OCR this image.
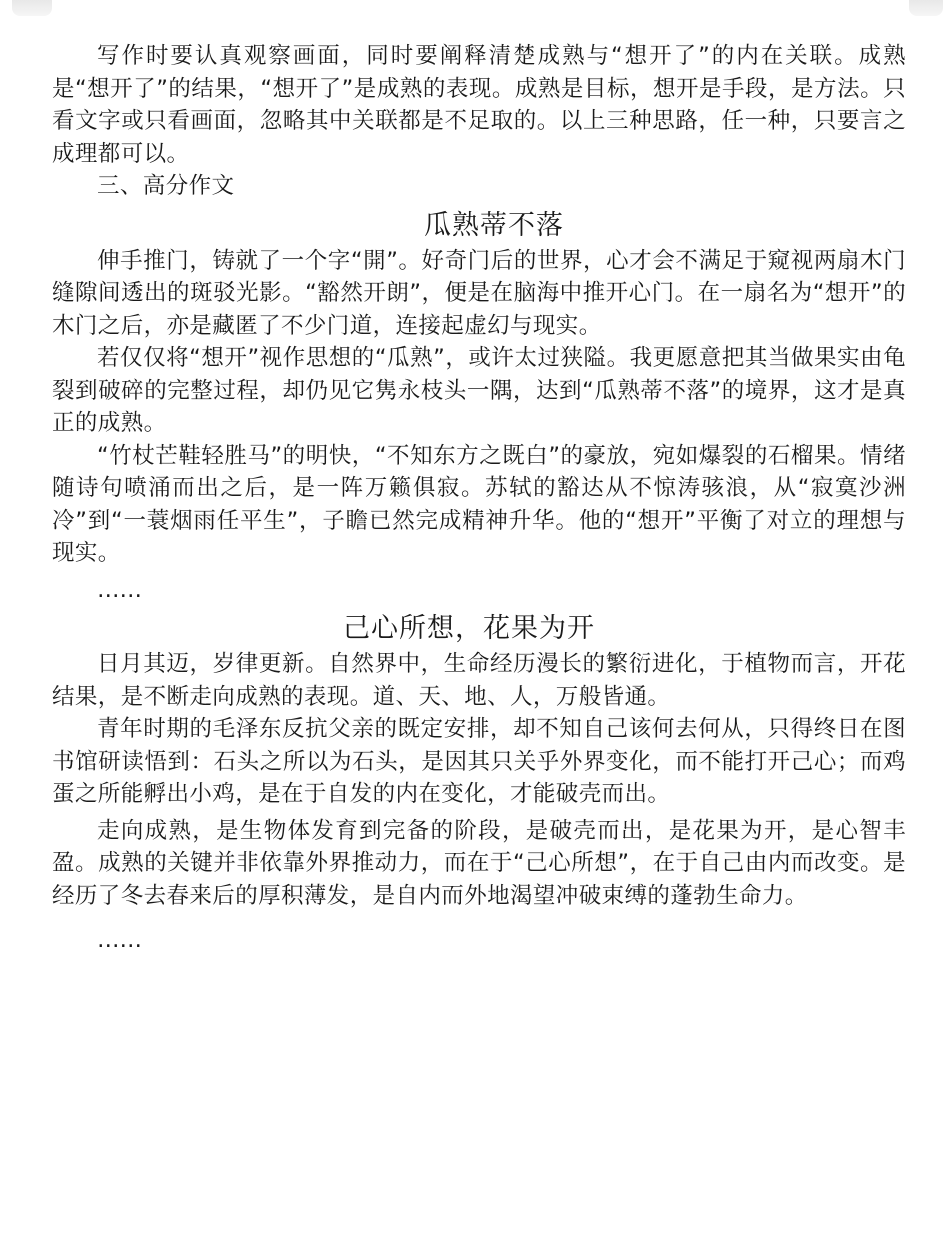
写作时要认真观察画面，同时要阐释清楚成熟与“想开了”的内在关联。成熟是“想开了”的结果，“想开了”是成熟的表现。成熟是目标，想开是手段，是方法。只看文字或只看画面，忽略其中关联都是不足取的。以上三种思路，任一种，只要言之成理都可以。

三、高分作文

瓜熟蒂不落

伸手推门，铸就了一个字“開”。好奇门后的世界，心才会不满足于窥视两扇木门缝隙间透出的斑驳光影。“豁然开朗”，便是在脑海中推开心门。在一扇名为“想开”的木门之后，亦是藏匿了不少门道，连接起虚幻与现实。

若仅仅将“想开”视作思想的“瓜熟”，或许太过狭隘。我更愿意把其当做果实由龟裂到破碎的完整过程，却仍见它隽永枝头一隅，达到“瓜熟蒂不落”的境界，这才是真正的成熟。

“竹杖芒鞋轻胜马”的明快，“不知东方之既白”的豪放，宛如爆裂的石榴果。情绪随诗句喷涌而出之后，是一阵万籁俱寂。苏轼的豁达从不惊涛骇浪，从“寂寞沙洲冷”到“一蓑烟雨任平生”，子瞻已然完成精神升华。他的“想开”平衡了对立的理想与现实。

……

己心所想，花果为开

日月其迈，岁律更新。自然界中，生命经历漫长的繁衍进化，于植物而言，开花结果，是不断走向成熟的表现。道、天、地、人，万般皆通。

青年时期的毛泽东反抗父亲的既定安排，却不知自己该何去何从，只得终日在图书馆研读悟到：石头之所以为石头，是因其只关乎外界变化，而不能打开己心；而鸡蛋之所能孵出小鸡，是在于自发的内在变化，才能破壳而出。

走向成熟，是生物体发育到完备的阶段，是破壳而出，是花果为开，是心智丰盈。成熟的关键并非依靠外界推动力，而在于“己心所想”，在于自己由内而改变。是经历了冬去春来后的厚积薄发，是自内而外地渴望冲破束缚的蓬勃生命力。

……
